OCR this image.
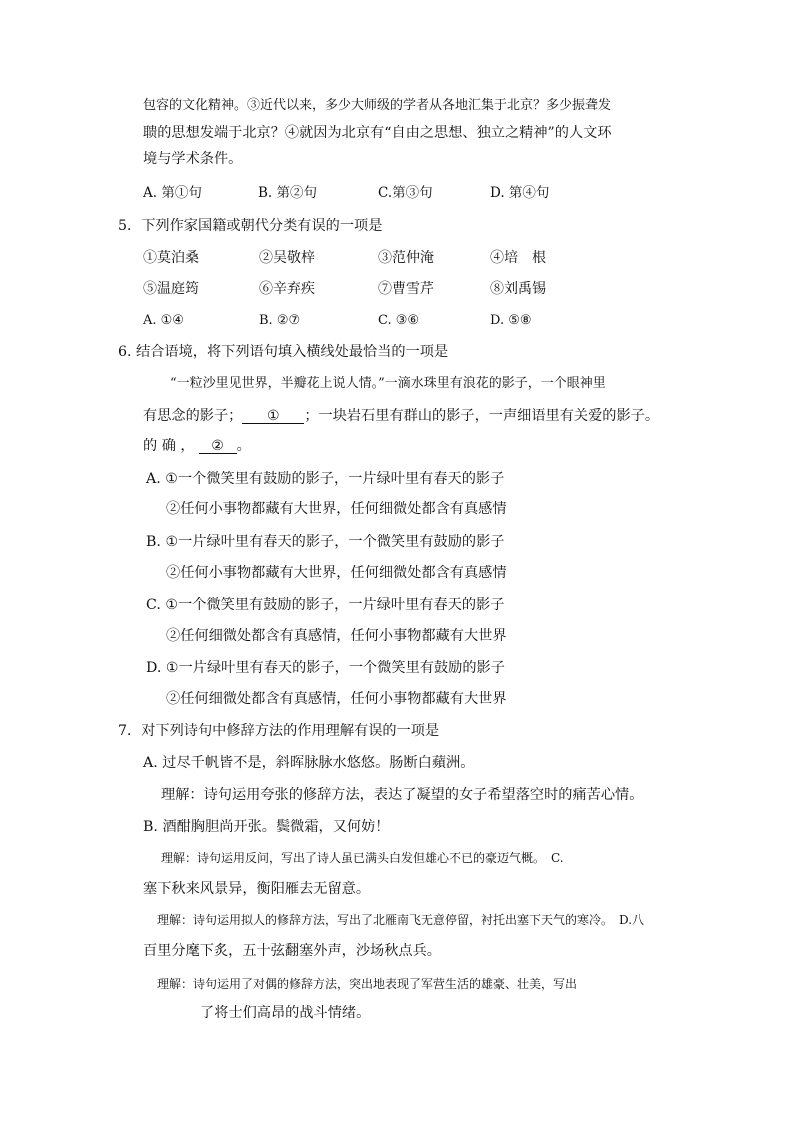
包容的文化精神。③近代以来，多少大师级的学者从各地汇集于北京？多少振聋发
聩的思想发端于北京？④就因为北京有“自由之思想、独立之精神”的人文环
境与学术条件。
A. 第①句	B. 第②句	C.第③句	D. 第④句
5．下列作家国籍或朝代分类有误的一项是
①莫泊桑	②吴敬梓	③范仲淹	④培　根
⑤温庭筠	⑥辛弃疾	⑦曹雪芹	⑧刘禹锡
A. ①④	B. ②⑦	C. ③⑥	D. ⑤⑧
6. 结合语境，将下列语句填入横线处最恰当的一项是
“一粒沙里见世界，半瓣花上说人情。”一滴水珠里有浪花的影子，一个眼神里
有思念的影子； ① ；一块岩石里有群山的影子，一声细语里有关爱的影子。
的 确 ， ② 。
A. ①一个微笑里有鼓励的影子，一片绿叶里有春天的影子
②任何小事物都藏有大世界，任何细微处都含有真感情
B. ①一片绿叶里有春天的影子，一个微笑里有鼓励的影子
②任何小事物都藏有大世界，任何细微处都含有真感情
C. ①一个微笑里有鼓励的影子，一片绿叶里有春天的影子
②任何细微处都含有真感情，任何小事物都藏有大世界
D. ①一片绿叶里有春天的影子，一个微笑里有鼓励的影子
②任何细微处都含有真感情，任何小事物都藏有大世界
7．对下列诗句中修辞方法的作用理解有误的一项是
A. 过尽千帆皆不是，斜晖脉脉水悠悠。肠断白蘋洲。
理解：诗句运用夸张的修辞方法，表达了凝望的女子希望落空时的痛苦心情。
B. 酒酣胸胆尚开张。鬓微霜，又何妨！
理解：诗句运用反问，写出了诗人虽已满头白发但雄心不已的豪迈气概。　C.
塞下秋来风景异，衡阳雁去无留意。
理解：诗句运用拟人的修辞方法，写出了北雁南飞无意停留，衬托出塞下天气的寒冷。　D.八
百里分麾下炙，五十弦翻塞外声，沙场秋点兵。
理解：诗句运用了对偶的修辞方法，突出地表现了军营生活的雄豪、壮美，写出
了将士们高昂的战斗情绪。
